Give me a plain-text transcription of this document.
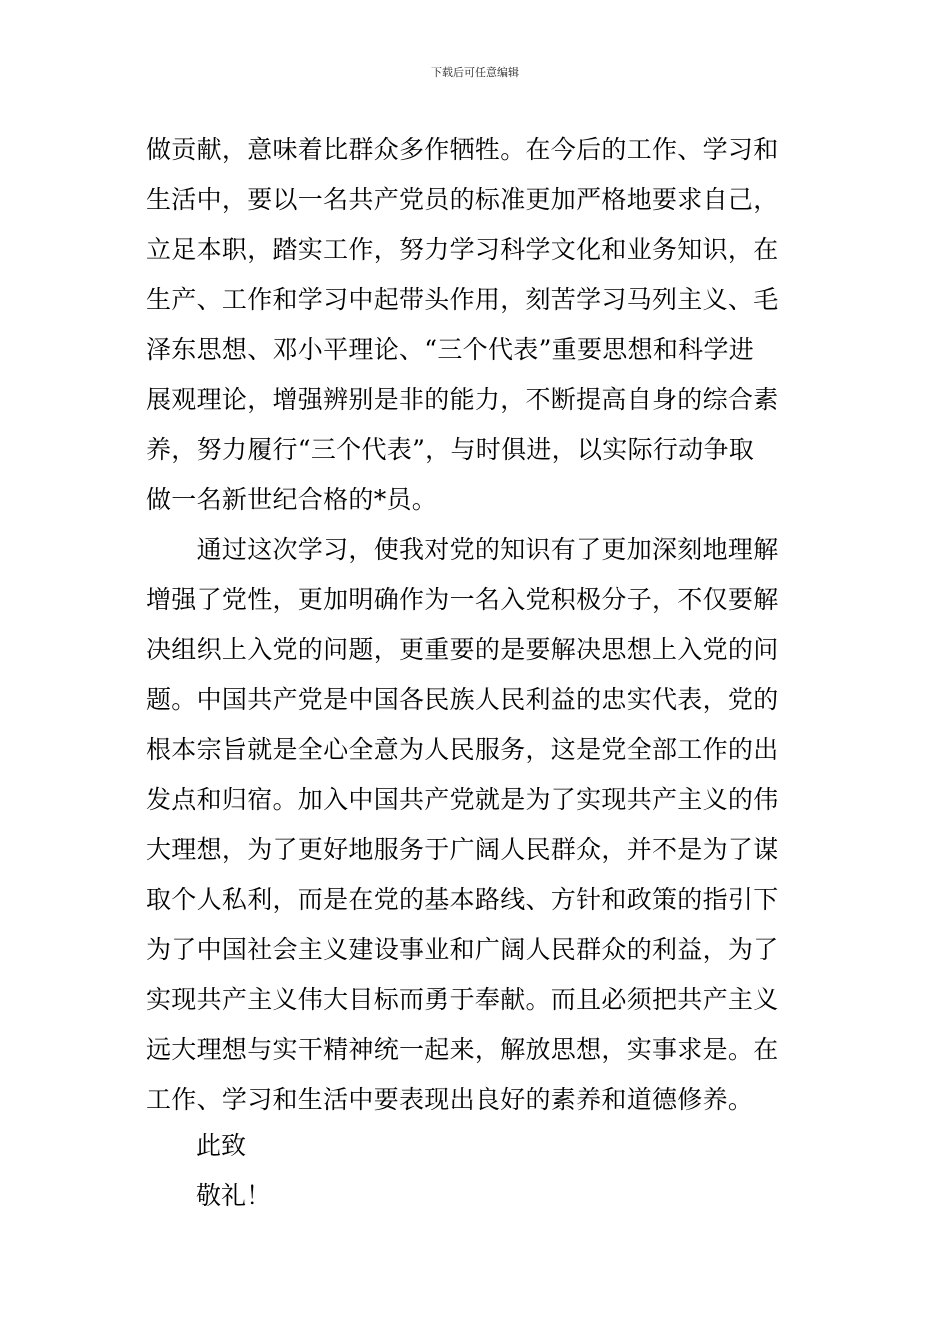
下载后可任意编辑
做贡献，意味着比群众多作牺牲。在今后的工作、学习和
生活中，要以一名共产党员的标准更加严格地要求自己，
立足本职，踏实工作，努力学习科学文化和业务知识，在
生产、工作和学习中起带头作用，刻苦学习马列主义、毛
泽东思想、邓小平理论、“三个代表”重要思想和科学进
展观理论，增强辨别是非的能力，不断提高自身的综合素
养，努力履行“三个代表”，与时俱进，以实际行动争取
做一名新世纪合格的*员。
　　通过这次学习，使我对党的知识有了更加深刻地理解
增强了党性，更加明确作为一名入党积极分子，不仅要解
决组织上入党的问题，更重要的是要解决思想上入党的问
题。中国共产党是中国各民族人民利益的忠实代表，党的
根本宗旨就是全心全意为人民服务，这是党全部工作的出
发点和归宿。加入中国共产党就是为了实现共产主义的伟
大理想，为了更好地服务于广阔人民群众，并不是为了谋
取个人私利，而是在党的基本路线、方针和政策的指引下
为了中国社会主义建设事业和广阔人民群众的利益，为了
实现共产主义伟大目标而勇于奉献。而且必须把共产主义
远大理想与实干精神统一起来，解放思想，实事求是。在
工作、学习和生活中要表现出良好的素养和道德修养。
此致
敬礼！
